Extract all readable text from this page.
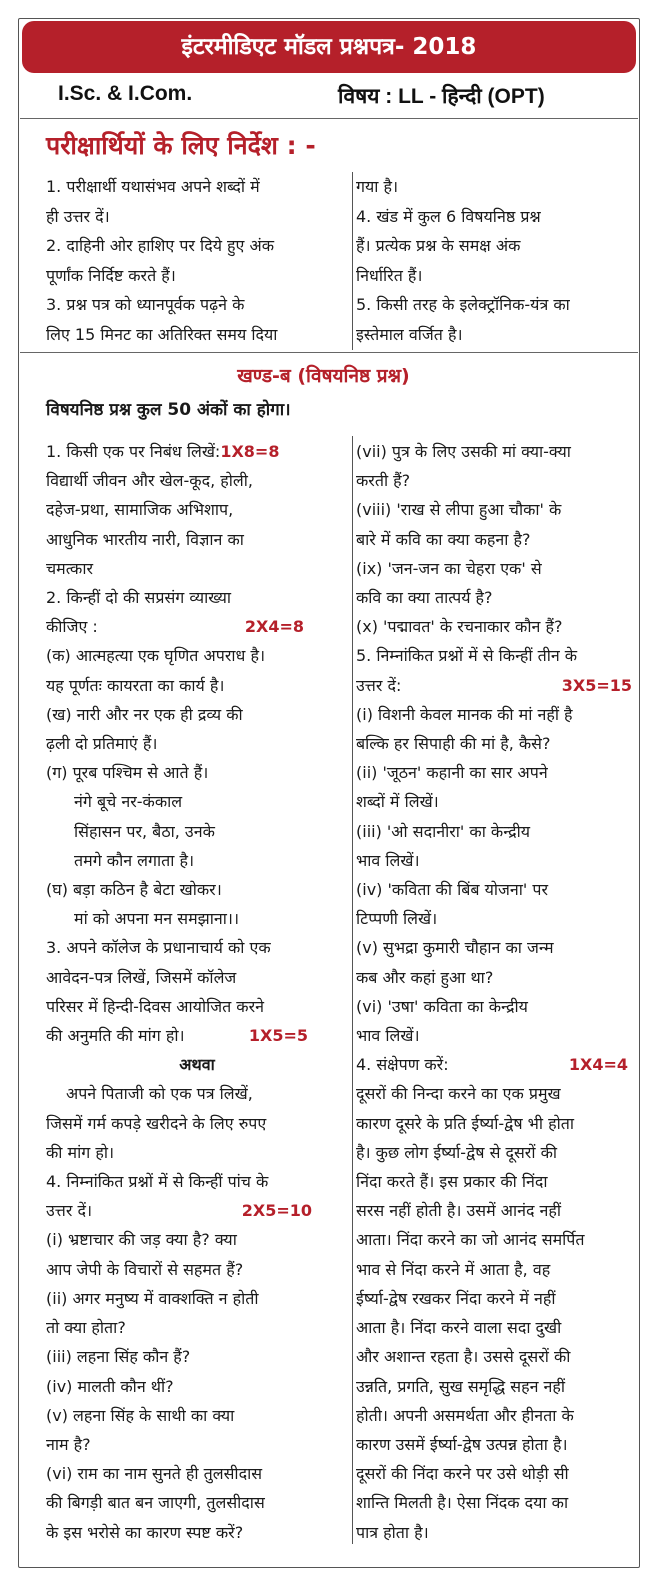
इंटरमीडिएट मॉडल प्रश्नपत्र- 2018
I.Sc. & I.Com.	विषय : LL - हिन्दी (OPT)
परीक्षार्थियों के लिए निर्देश : -

1. परीक्षार्थी यथासंभव अपने शब्दों में

ही उत्तर दें।

2. दाहिनी ओर हाशिए पर दिये हुए अंक

पूर्णांक निर्दिष्ट करते हैं।

3. प्रश्न पत्र को ध्यानपूर्वक पढ़ने के

लिए 15 मिनट का अतिरिक्त समय दिया

गया है।

4. खंड में कुल 6 विषयनिष्ठ प्रश्न

हैं। प्रत्येक प्रश्न के समक्ष अंक

निर्धारित हैं।

5. किसी तरह के इलेक्ट्रॉनिक-यंत्र का

इस्तेमाल वर्जित है।

खण्ड-ब (विषयनिष्ठ प्रश्न)
विषयनिष्ठ प्रश्न कुल 50 अंकों का होगा।

1. किसी एक पर निबंध लिखें:1X8=8

विद्यार्थी जीवन और खेल-कूद, होली,

दहेज-प्रथा, सामाजिक अभिशाप,

आधुनिक भारतीय नारी, विज्ञान का

चमत्कार

2. किन्हीं दो की सप्रसंग व्याख्या

कीजिए :	2X4=8

(क) आत्महत्या एक घृणित अपराध है।

यह पूर्णतः कायरता का कार्य है।

(ख) नारी और नर एक ही द्रव्य की

ढ़ली दो प्रतिमाएं हैं।

(ग) पूरब पश्चिम से आते हैं।

नंगे बूचे नर-कंकाल

सिंहासन पर, बैठा, उनके

तमगे कौन लगाता है।

(घ) बड़ा कठिन है बेटा खोकर।

मां को अपना मन समझाना।।

3. अपने कॉलेज के प्रधानाचार्य को एक

आवेदन-पत्र लिखें, जिसमें कॉलेज

परिसर में हिन्दी-दिवस आयोजित करने

की अनुमति की मांग हो।	1X5=5

अथवा

अपने पिताजी को एक पत्र लिखें,

जिसमें गर्म कपड़े खरीदने के लिए रुपए

की मांग हो।

4. निम्नांकित प्रश्नों में से किन्हीं पांच के

उत्तर दें।	2X5=10

(i) भ्रष्टाचार की जड़ क्या है? क्या

आप जेपी के विचारों से सहमत हैं?

(ii) अगर मनुष्य में वाक्शक्ति न होती

तो क्या होता?

(iii) लहना सिंह कौन हैं?

(iv) मालती कौन थीं?

(v) लहना सिंह के साथी का क्या

नाम है?

(vi) राम का नाम सुनते ही तुलसीदास

की बिगड़ी बात बन जाएगी, तुलसीदास

के इस भरोसे का कारण स्पष्ट करें?

(vii) पुत्र के लिए उसकी मां क्या-क्या

करती हैं?

(viii) 'राख से लीपा हुआ चौका' के

बारे में कवि का क्या कहना है?

(ix) 'जन-जन का चेहरा एक' से

कवि का क्या तात्पर्य है?

(x) 'पद्मावत' के रचनाकार कौन हैं?

5. निम्नांकित प्रश्नों में से किन्हीं तीन के

उत्तर दें:	3X5=15

(i) विशनी केवल मानक की मां नहीं है

बल्कि हर सिपाही की मां है, कैसे?

(ii) 'जूठन' कहानी का सार अपने

शब्दों में लिखें।

(iii) 'ओ सदानीरा' का केन्द्रीय

भाव लिखें।

(iv) 'कविता की बिंब योजना' पर

टिप्पणी लिखें।

(v) सुभद्रा कुमारी चौहान का जन्म

कब और कहां हुआ था?

(vi) 'उषा' कविता का केन्द्रीय

भाव लिखें।

4. संक्षेपण करें:	1X4=4

दूसरों की निन्दा करने का एक प्रमुख

कारण दूसरे के प्रति ईर्ष्या-द्वेष भी होता

है। कुछ लोग ईर्ष्या-द्वेष से दूसरों की

निंदा करते हैं। इस प्रकार की निंदा

सरस नहीं होती है। उसमें आनंद नहीं

आता। निंदा करने का जो आनंद समर्पित

भाव से निंदा करने में आता है, वह

ईर्ष्या-द्वेष रखकर निंदा करने में नहीं

आता है। निंदा करने वाला सदा दुखी

और अशान्त रहता है। उससे दूसरों की

उन्नति, प्रगति, सुख समृद्धि सहन नहीं

होती। अपनी असमर्थता और हीनता के

कारण उसमें ईर्ष्या-द्वेष उत्पन्न होता है।

दूसरों की निंदा करने पर उसे थोड़ी सी

शान्ति मिलती है। ऐसा निंदक दया का

पात्र होता है।
